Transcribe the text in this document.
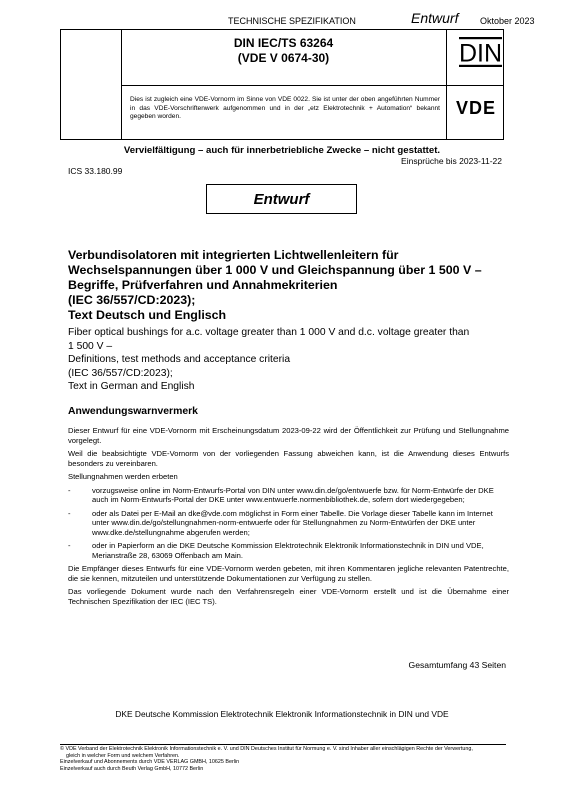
TECHNISCHE SPEZIFIKATION	Entwurf Oktober 2023
DIN IEC/TS 63264
(VDE V 0674-30)	DIN
Dies ist zugleich eine VDE-Vornorm im Sinne von VDE 0022. Sie ist unter der oben angeführten Nummer in das VDE-Vorschriftenwerk aufgenommen und in der „etz Elektrotechnik + Automation“ bekannt gegeben worden.	VDE
Vervielfältigung – auch für innerbetriebliche Zwecke – nicht gestattet.
Einsprüche bis 2023-11-22
ICS 33.180.99
Entwurf
Verbundisolatoren mit integrierten Lichtwellenleitern für
Wechselspannungen über 1 000 V und Gleichspannung über 1 500 V –
Begriffe, Prüfverfahren und Annahmekriterien
(IEC 36/557/CD:2023);
Text Deutsch und Englisch
Fiber optical bushings for a.c. voltage greater than 1 000 V and d.c. voltage greater than
1 500 V –
Definitions, test methods and acceptance criteria
(IEC 36/557/CD:2023);
Text in German and English
Anwendungswarnvermerk

Dieser Entwurf für eine VDE-Vornorm mit Erscheinungsdatum 2023-09-22 wird der Öffentlichkeit zur Prüfung und Stellungnahme vorgelegt.

Weil die beabsichtigte VDE-Vornorm von der vorliegenden Fassung abweichen kann, ist die Anwendung dieses Entwurfs besonders zu vereinbaren.

Stellungnahmen werden erbeten

-	vorzugsweise online im Norm-Entwurfs-Portal von DIN unter www.din.de/go/entwuerfe bzw. für Norm-Entwürfe der DKE auch im Norm-Entwurfs-Portal der DKE unter www.entwuerfe.normenbibliothek.de, sofern dort wiedergegeben;
-	oder als Datei per E-Mail an dke@vde.com möglichst in Form einer Tabelle. Die Vorlage dieser Tabelle kann im Internet unter www.din.de/go/stellungnahmen-norm-entwuerfe oder für Stellungnahmen zu Norm-Entwürfen der DKE unter www.dke.de/stellungnahme abgerufen werden;
-	oder in Papierform an die DKE Deutsche Kommission Elektrotechnik Elektronik Informationstechnik in DIN und VDE, Merianstraße 28, 63069 Offenbach am Main.

Die Empfänger dieses Entwurfs für eine VDE-Vornorm werden gebeten, mit ihren Kommentaren jegliche relevanten Patentrechte, die sie kennen, mitzuteilen und unterstützende Dokumentationen zur Verfügung zu stellen.

Das vorliegende Dokument wurde nach den Verfahrensregeln einer VDE-Vornorm erstellt und ist die Übernahme einer Technischen Spezifikation der IEC (IEC TS).

Gesamtumfang 43 Seiten
DKE Deutsche Kommission Elektrotechnik Elektronik Informationstechnik in DIN und VDE
© VDE Verband der Elektrotechnik Elektronik Informationstechnik e. V. und DIN Deutsches Institut für Normung e. V. sind Inhaber aller einschlägigen Rechte der Verwertung,
gleich in welcher Form und welchem Verfahren.
Einzelverkauf und Abonnements durch VDE VERLAG GMBH, 10625 Berlin
Einzelverkauf auch durch Beuth Verlag GmbH, 10772 Berlin
